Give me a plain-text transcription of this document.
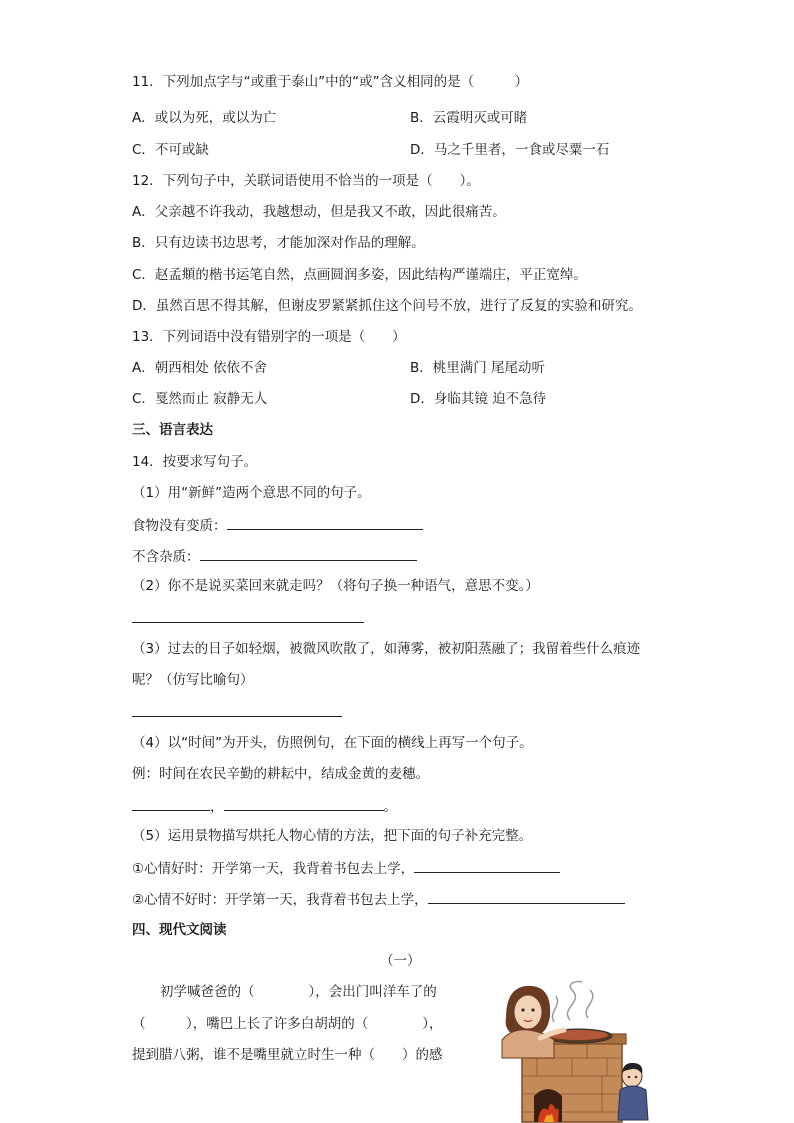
11．下列加点字与“或重于泰山”中的“或”含义相同的是（　　　）
A．或以为死，或以为亡	B．云霞明灭或可睹
C．不可或缺	D．马之千里者，一食或尽粟一石
12．下列句子中，关联词语使用不恰当的一项是（　　）。
A．父亲越不许我动，我越想动，但是我又不敢，因此很痛苦。
B．只有边读书边思考，才能加深对作品的理解。
C．赵孟頫的楷书运笔自然，点画圆润多姿，因此结构严谨端庄，平正宽绰。
D．虽然百思不得其解，但谢皮罗紧紧抓住这个问号不放，进行了反复的实验和研究。
13．下列词语中没有错别字的一项是（　　）
A．朝西相处 依依不舍	B．桃里满门 尾尾动听
C．戛然而止 寂静无人	D．身临其镜 迫不急待
三、语言表达
14．按要求写句子。
（1）用“新鲜”造两个意思不同的句子。
食物没有变质：
不含杂质：
（2）你不是说买菜回来就走吗？（将句子换一种语气，意思不变。）
（3）过去的日子如轻烟，被微风吹散了，如薄雾，被初阳蒸融了；我留着些什么痕迹
呢？（仿写比喻句）
（4）以“时间”为开头，仿照例句，在下面的横线上再写一个句子。
例：时间在农民辛勤的耕耘中，结成金黄的麦穗。
，	。
（5）运用景物描写烘托人物心情的方法，把下面的句子补充完整。
①心情好时：开学第一天，我背着书包去上学，
②心情不好时：开学第一天，我背着书包去上学，
四、现代文阅读
（一）
初学喊爸爸的（　　　　），会出门叫洋车了的
（　　　），嘴巴上长了许多白胡胡的（　　　　），
提到腊八粥，谁不是嘴里就立时生一种（　　）的感
